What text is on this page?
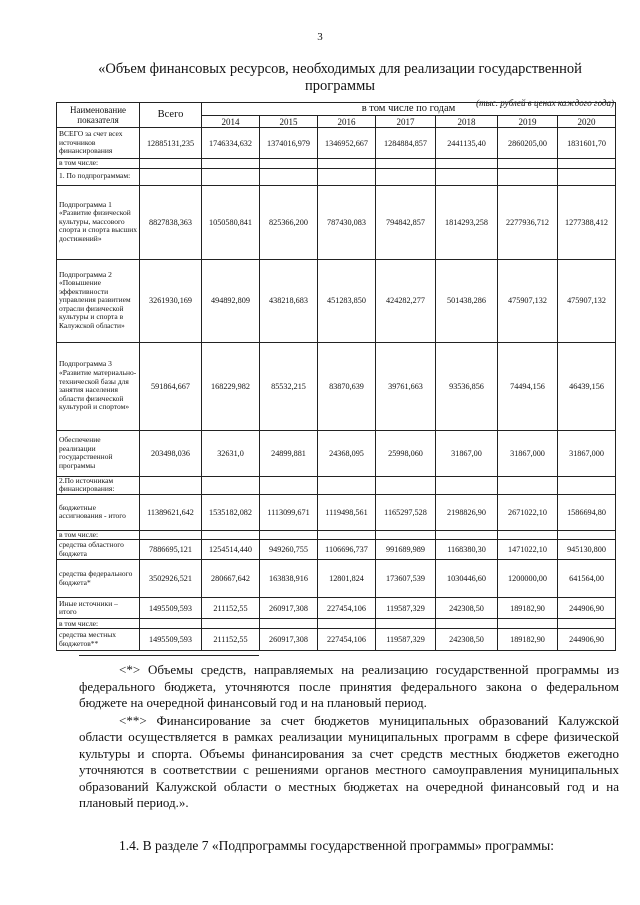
3
«Объем финансовых ресурсов, необходимых для реализации государственной программы
(тыс. рублей в ценах каждого года)
Наименование показателя	Всего	в том числе по годам						
		2014	2015	2016	2017	2018	2019	2020
ВСЕГО за счет всех источников финансирования	12885131,235	1746334,632	1374016,979	1346952,667	1284884,857	2441135,40	2860205,00	1831601,70
в том числе:								
1. По подпрограммам:								
Подпрограмма 1 «Развитие физической культуры, массового спорта и спорта высших достижений»	8827838,363	1050580,841	825366,200	787430,083	794842,857	1814293,258	2277936,712	1277388,412
Подпрограмма 2 «Повышение эффективности управления развитием отрасли физической культуры и спорта в Калужской области»	3261930,169	494892,809	438218,683	451283,850	424282,277	501438,286	475907,132	475907,132
Подпрограмма 3 «Развитие материально-технической базы для занятия населения области физической культурой и спортом»	591864,667	168229,982	85532,215	83870,639	39761,663	93536,856	74494,156	46439,156
Обеспечение реализации государственной программы	203498,036	32631,0	24899,881	24368,095	25998,060	31867,00	31867,000	31867,000
2.По источникам финансирования:								
бюджетные ассигнования - итого	11389621,642	1535182,082	1113099,671	1119498,561	1165297,528	2198826,90	2671022,10	1586694,80
в том числе:								
средства областного бюджета	7886695,121	1254514,440	949260,755	1106696,737	991689,989	1168380,30	1471022,10	945130,800
средства федерального бюджета*	3502926,521	280667,642	163838,916	12801,824	173607,539	1030446,60	1200000,00	641564,00
Иные источники – итого	1495509,593	211152,55	260917,308	227454,106	119587,329	242308,50	189182,90	244906,90
в том числе:								
средства местных бюджетов**	1495509,593	211152,55	260917,308	227454,106	119587,329	242308,50	189182,90	244906,90

<*> Объемы средств, направляемых на реализацию государственной программы из федерального бюджета, уточняются после принятия федерального закона о федеральном бюджете на очередной финансовый год и на плановый период.

<**> Финансирование за счет бюджетов муниципальных образований Калужской области осуществляется в рамках реализации муниципальных программ в сфере физической культуры и спорта. Объемы финансирования за счет средств местных бюджетов ежегодно уточняются в соответствии с решениями органов местного самоуправления муниципальных образований Калужской области о местных бюджетах на очередной финансовый год и на плановый период.».

1.4. В разделе 7 «Подпрограммы государственной программы» программы:
